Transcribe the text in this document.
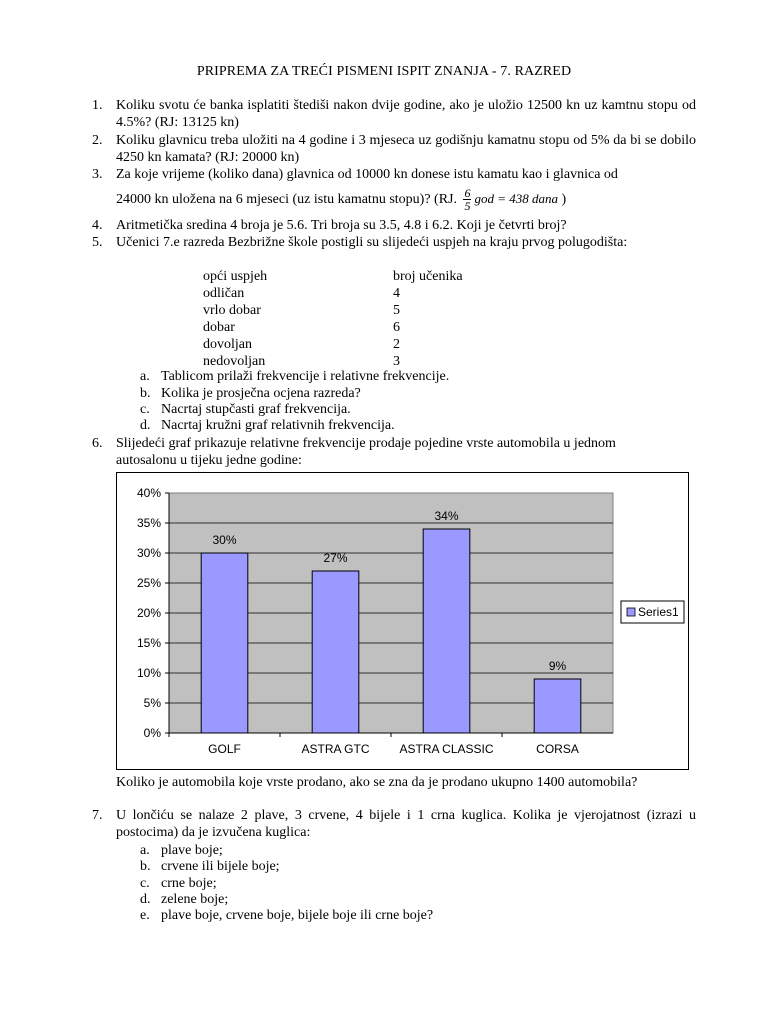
PRIPREMA ZA TREĆI PISMENI ISPIT ZNANJA - 7. RAZRED
1. Koliku svotu će banka isplatiti štediši nakon dvije godine, ako je uložio 12500 kn uz kamtnu stopu od 4.5%? (RJ: 13125 kn)
2. Koliku glavnicu treba uložiti na 4 godine i 3 mjeseca uz godišnju kamatnu stopu od 5% da bi se dobilo 4250 kn kamata? (RJ: 20000 kn)
3. Za koje vrijeme (koliko dana) glavnica od 10000 kn donese istu kamatu kao i glavnica od
24000 kn uložena na 6 mjeseci (uz istu kamatnu stopu)? (RJ. $\frac{6}{5}$ god = 438 dana )
4. Aritmetička sredina 4 broja je 5.6. Tri broja su 3.5, 4.8 i 6.2. Koji je četvrti broj?
5. Učenici 7.e razreda Bezbrižne škole postigli su slijedeći uspjeh na kraju prvog polugodišta:
opći uspjeh	broj učenika
odličan	4
vrlo dobar	5
dobar	6
dovoljan	2
nedovoljan	3
a. Tablicom prilaži frekvencije i relativne frekvencije.
b. Kolika je prosječna ocjena razreda?
c. Nacrtaj stupčasti graf frekvencija.
d. Nacrtaj kružni graf relativnih frekvencija.
6. Slijedeći graf prikazuje relativne frekvencije prodaje pojedine vrste automobila u jednom autosalonu u tijeku jedne godine:
0%
5%
10%
15%
20%
25%
30%
35%
40%
30%
27%
34%
9%
GOLF	ASTRA GTC ASTRA CLASSIC	CORSA
Series1
Koliko je automobila koje vrste prodano, ako se zna da je prodano ukupno 1400 automobila?
7. U lončiću se nalaze 2 plave, 3 crvene, 4 bijele i 1 crna kuglica. Kolika je vjerojatnost (izrazi u postocima) da je izvučena kuglica:
a. plave boje;
b. crvene ili bijele boje;
c. crne boje;
d. zelene boje;
e. plave boje, crvene boje, bijele boje ili crne boje?
